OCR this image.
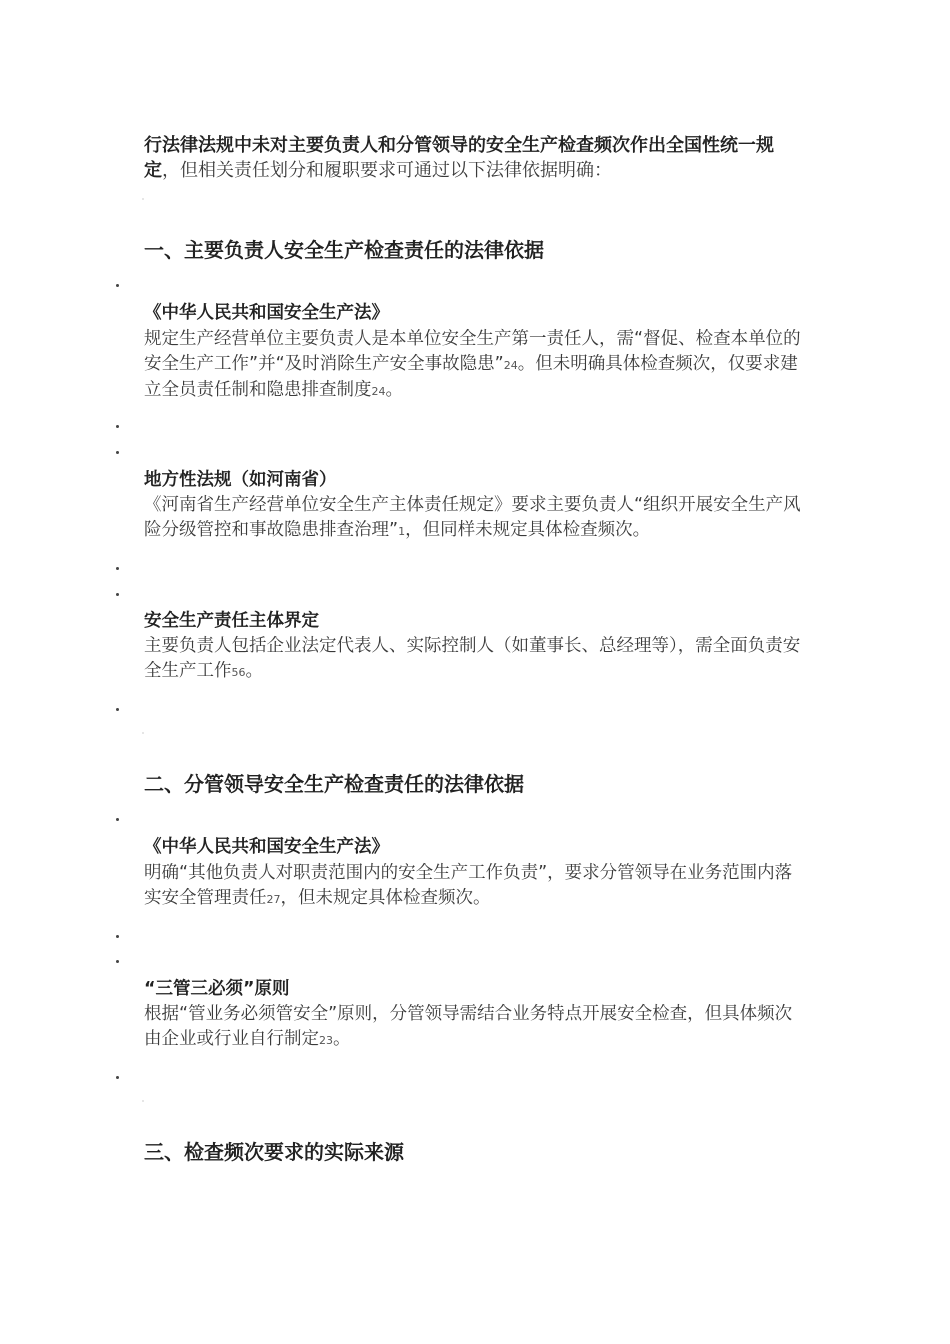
行法律法规中未对主要负责人和分管领导的安全生产检查频次作出全国性统一规定，但相关责任划分和履职要求可通过以下法律依据明确：
一、主要负责人安全生产检查责任的法律依据
《中华人民共和国安全生产法》
规定生产经营单位主要负责人是本单位安全生产第一责任人，需“督促、检查本单位的安全生产工作”并“及时消除生产安全事故隐患”24。但未明确具体检查频次，仅要求建立全员责任制和隐患排查制度24。
地方性法规（如河南省）
《河南省生产经营单位安全生产主体责任规定》要求主要负责人“组织开展安全生产风险分级管控和事故隐患排查治理”1，但同样未规定具体检查频次。
安全生产责任主体界定
主要负责人包括企业法定代表人、实际控制人（如董事长、总经理等），需全面负责安全生产工作56。
二、分管领导安全生产检查责任的法律依据
《中华人民共和国安全生产法》
明确“其他负责人对职责范围内的安全生产工作负责”，要求分管领导在业务范围内落实安全管理责任27，但未规定具体检查频次。
“三管三必须”原则
根据“管业务必须管安全”原则，分管领导需结合业务特点开展安全检查，但具体频次由企业或行业自行制定23。
三、检查频次要求的实际来源
